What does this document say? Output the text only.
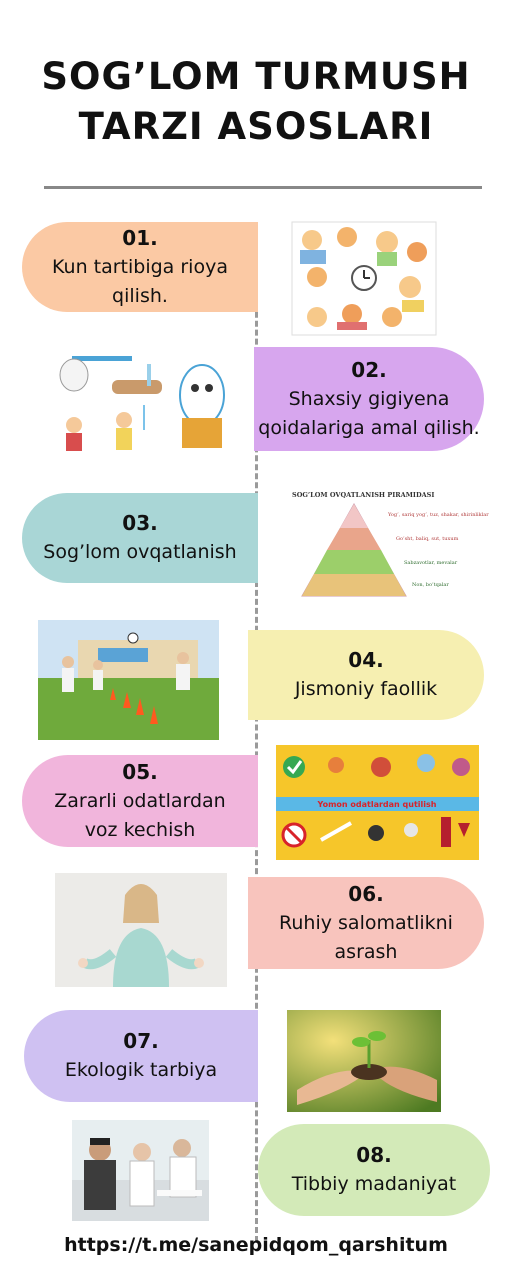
SOG’LOM TURMUSH
TARZI ASOSLARI
01.
Kun tartibiga rioya
qilish.
02.
Shaxsiy gigiyena
qoidalariga amal qilish.
03.
Sog’lom ovqatlanish
SOG’LOM OVQATLANISH PIRAMIDASI
Yog’, sariq yog’, tuz, shakar, shirinliklar
Go’sht, baliq, sut, tuxum
Sabzavotlar, mevalar
Non, bo’tqalar
04.
Jismoniy faollik
05.
Zararli odatlardan
voz kechish
Yomon odatlardan qutilish
06.
Ruhiy salomatlikni
asrash
07.
Ekologik tarbiya
08.
Tibbiy madaniyat
https://t.me/sanepidqom_qarshitum
